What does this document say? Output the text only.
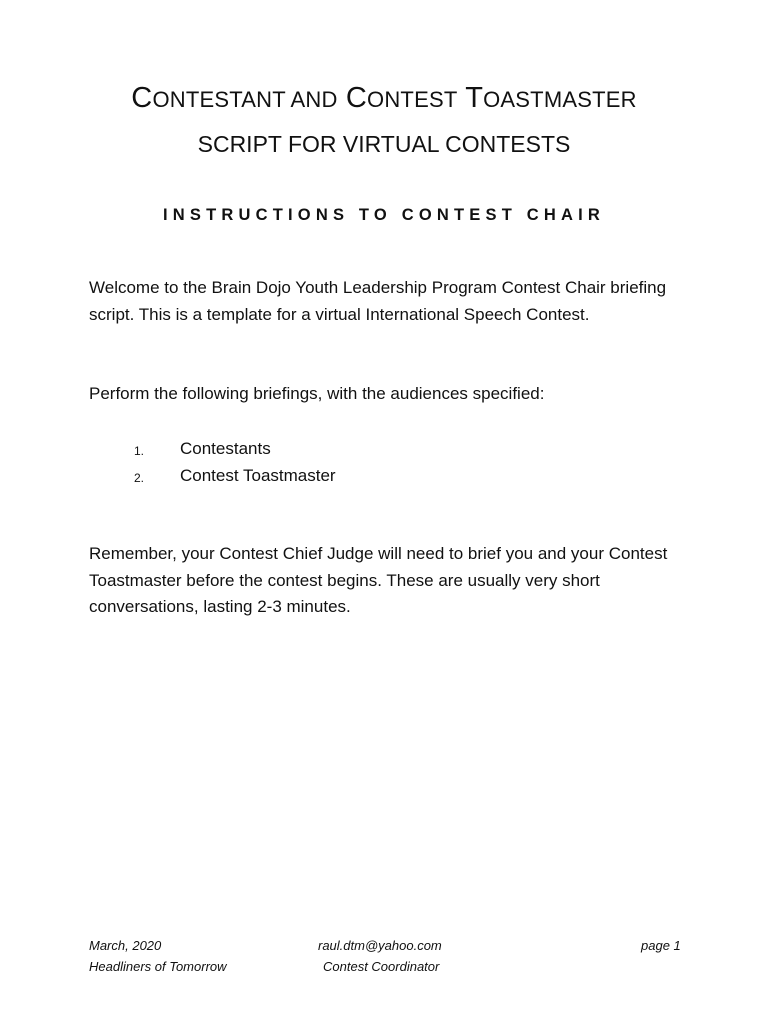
CONTESTANT AND CONTEST TOASTMASTER
SCRIPT FOR VIRTUAL CONTESTS
INSTRUCTIONS TO CONTEST CHAIR
Welcome to the Brain Dojo Youth Leadership Program Contest Chair briefing script. This is a template for a virtual International Speech Contest.
Perform the following briefings, with the audiences specified:
1. Contestants
2. Contest Toastmaster
Remember, your Contest Chief Judge will need to brief you and your Contest Toastmaster before the contest begins. These are usually very short conversations, lasting 2-3 minutes.
March, 2020
Headliners of Tomorrow
raul.dtm@yahoo.com
Contest Coordinator
page 1
